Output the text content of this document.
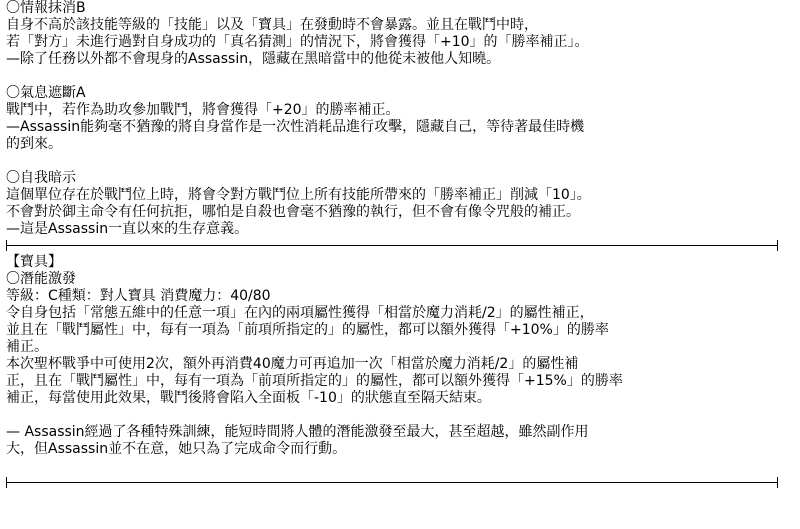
〇情報抹消B
自身不高於該技能等級的「技能」以及「寶具」在發動時不會暴露。並且在戰鬥中時，
若「對方」未進行過對自身成功的「真名猜測」的情況下，將會獲得「+10」的「勝率補正」。
—除了任務以外都不會現身的Assassin，隱藏在黑暗當中的他從未被他人知曉。
〇氣息遮斷A
戰鬥中，若作為助攻參加戰鬥，將會獲得「+20」的勝率補正。
—Assassin能夠毫不猶豫的將自身當作是一次性消耗品進行攻擊，隱藏自己，等待著最佳時機
的到來。
〇自我暗示
這個單位存在於戰鬥位上時，將會令對方戰鬥位上所有技能所帶來的「勝率補正」削減「10」。
不會對於御主命令有任何抗拒，哪怕是自殺也會毫不猶豫的執行，但不會有像令咒般的補正。
—這是Assassin一直以來的生存意義。
【寶具】
〇潛能激發
等級：C種類：對人寶具 消費魔力：40/80
令自身包括「常態五維中的任意一項」在內的兩項屬性獲得「相當於魔力消耗/2」的屬性補正，
並且在「戰鬥屬性」中，每有一項為「前項所指定的」的屬性，都可以額外獲得「+10%」的勝率
補正。
本次聖杯戰爭中可使用2次，額外再消費40魔力可再追加一次「相當於魔力消耗/2」的屬性補
正，且在「戰鬥屬性」中，每有一項為「前項所指定的」的屬性，都可以額外獲得「+15%」的勝率
補正，每當使用此效果，戰鬥後將會陷入全面板「-10」的狀態直至隔天結束。
— Assassin經過了各種特殊訓練，能短時間將人體的潛能激發至最大，甚至超越，雖然副作用
大，但Assassin並不在意，她只為了完成命令而行動。
